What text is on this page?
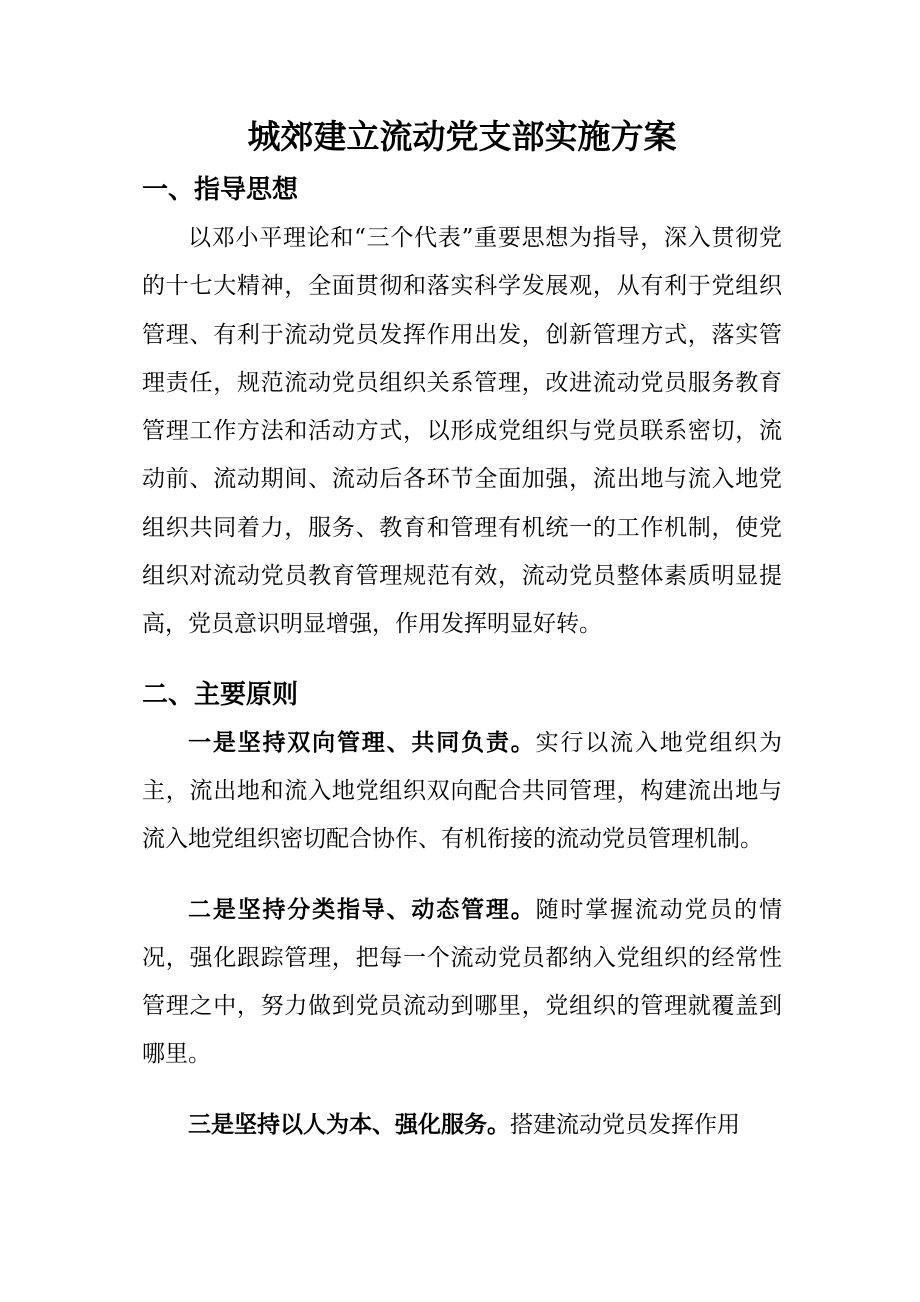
城郊建立流动党支部实施方案
一、指导思想

以邓小平理论和“三个代表”重要思想为指导，深入贯彻党的十七大精神，全面贯彻和落实科学发展观，从有利于党组织管理、有利于流动党员发挥作用出发，创新管理方式，落实管理责任，规范流动党员组织关系管理，改进流动党员服务教育管理工作方法和活动方式，以形成党组织与党员联系密切，流动前、流动期间、流动后各环节全面加强，流出地与流入地党组织共同着力，服务、教育和管理有机统一的工作机制，使党组织对流动党员教育管理规范有效，流动党员整体素质明显提高，党员意识明显增强，作用发挥明显好转。

二、主要原则

一是坚持双向管理、共同负责。实行以流入地党组织为主，流出地和流入地党组织双向配合共同管理，构建流出地与流入地党组织密切配合协作、有机衔接的流动党员管理机制。

二是坚持分类指导、动态管理。随时掌握流动党员的情况，强化跟踪管理，把每一个流动党员都纳入党组织的经常性管理之中，努力做到党员流动到哪里，党组织的管理就覆盖到哪里。

三是坚持以人为本、强化服务。搭建流动党员发挥作用
